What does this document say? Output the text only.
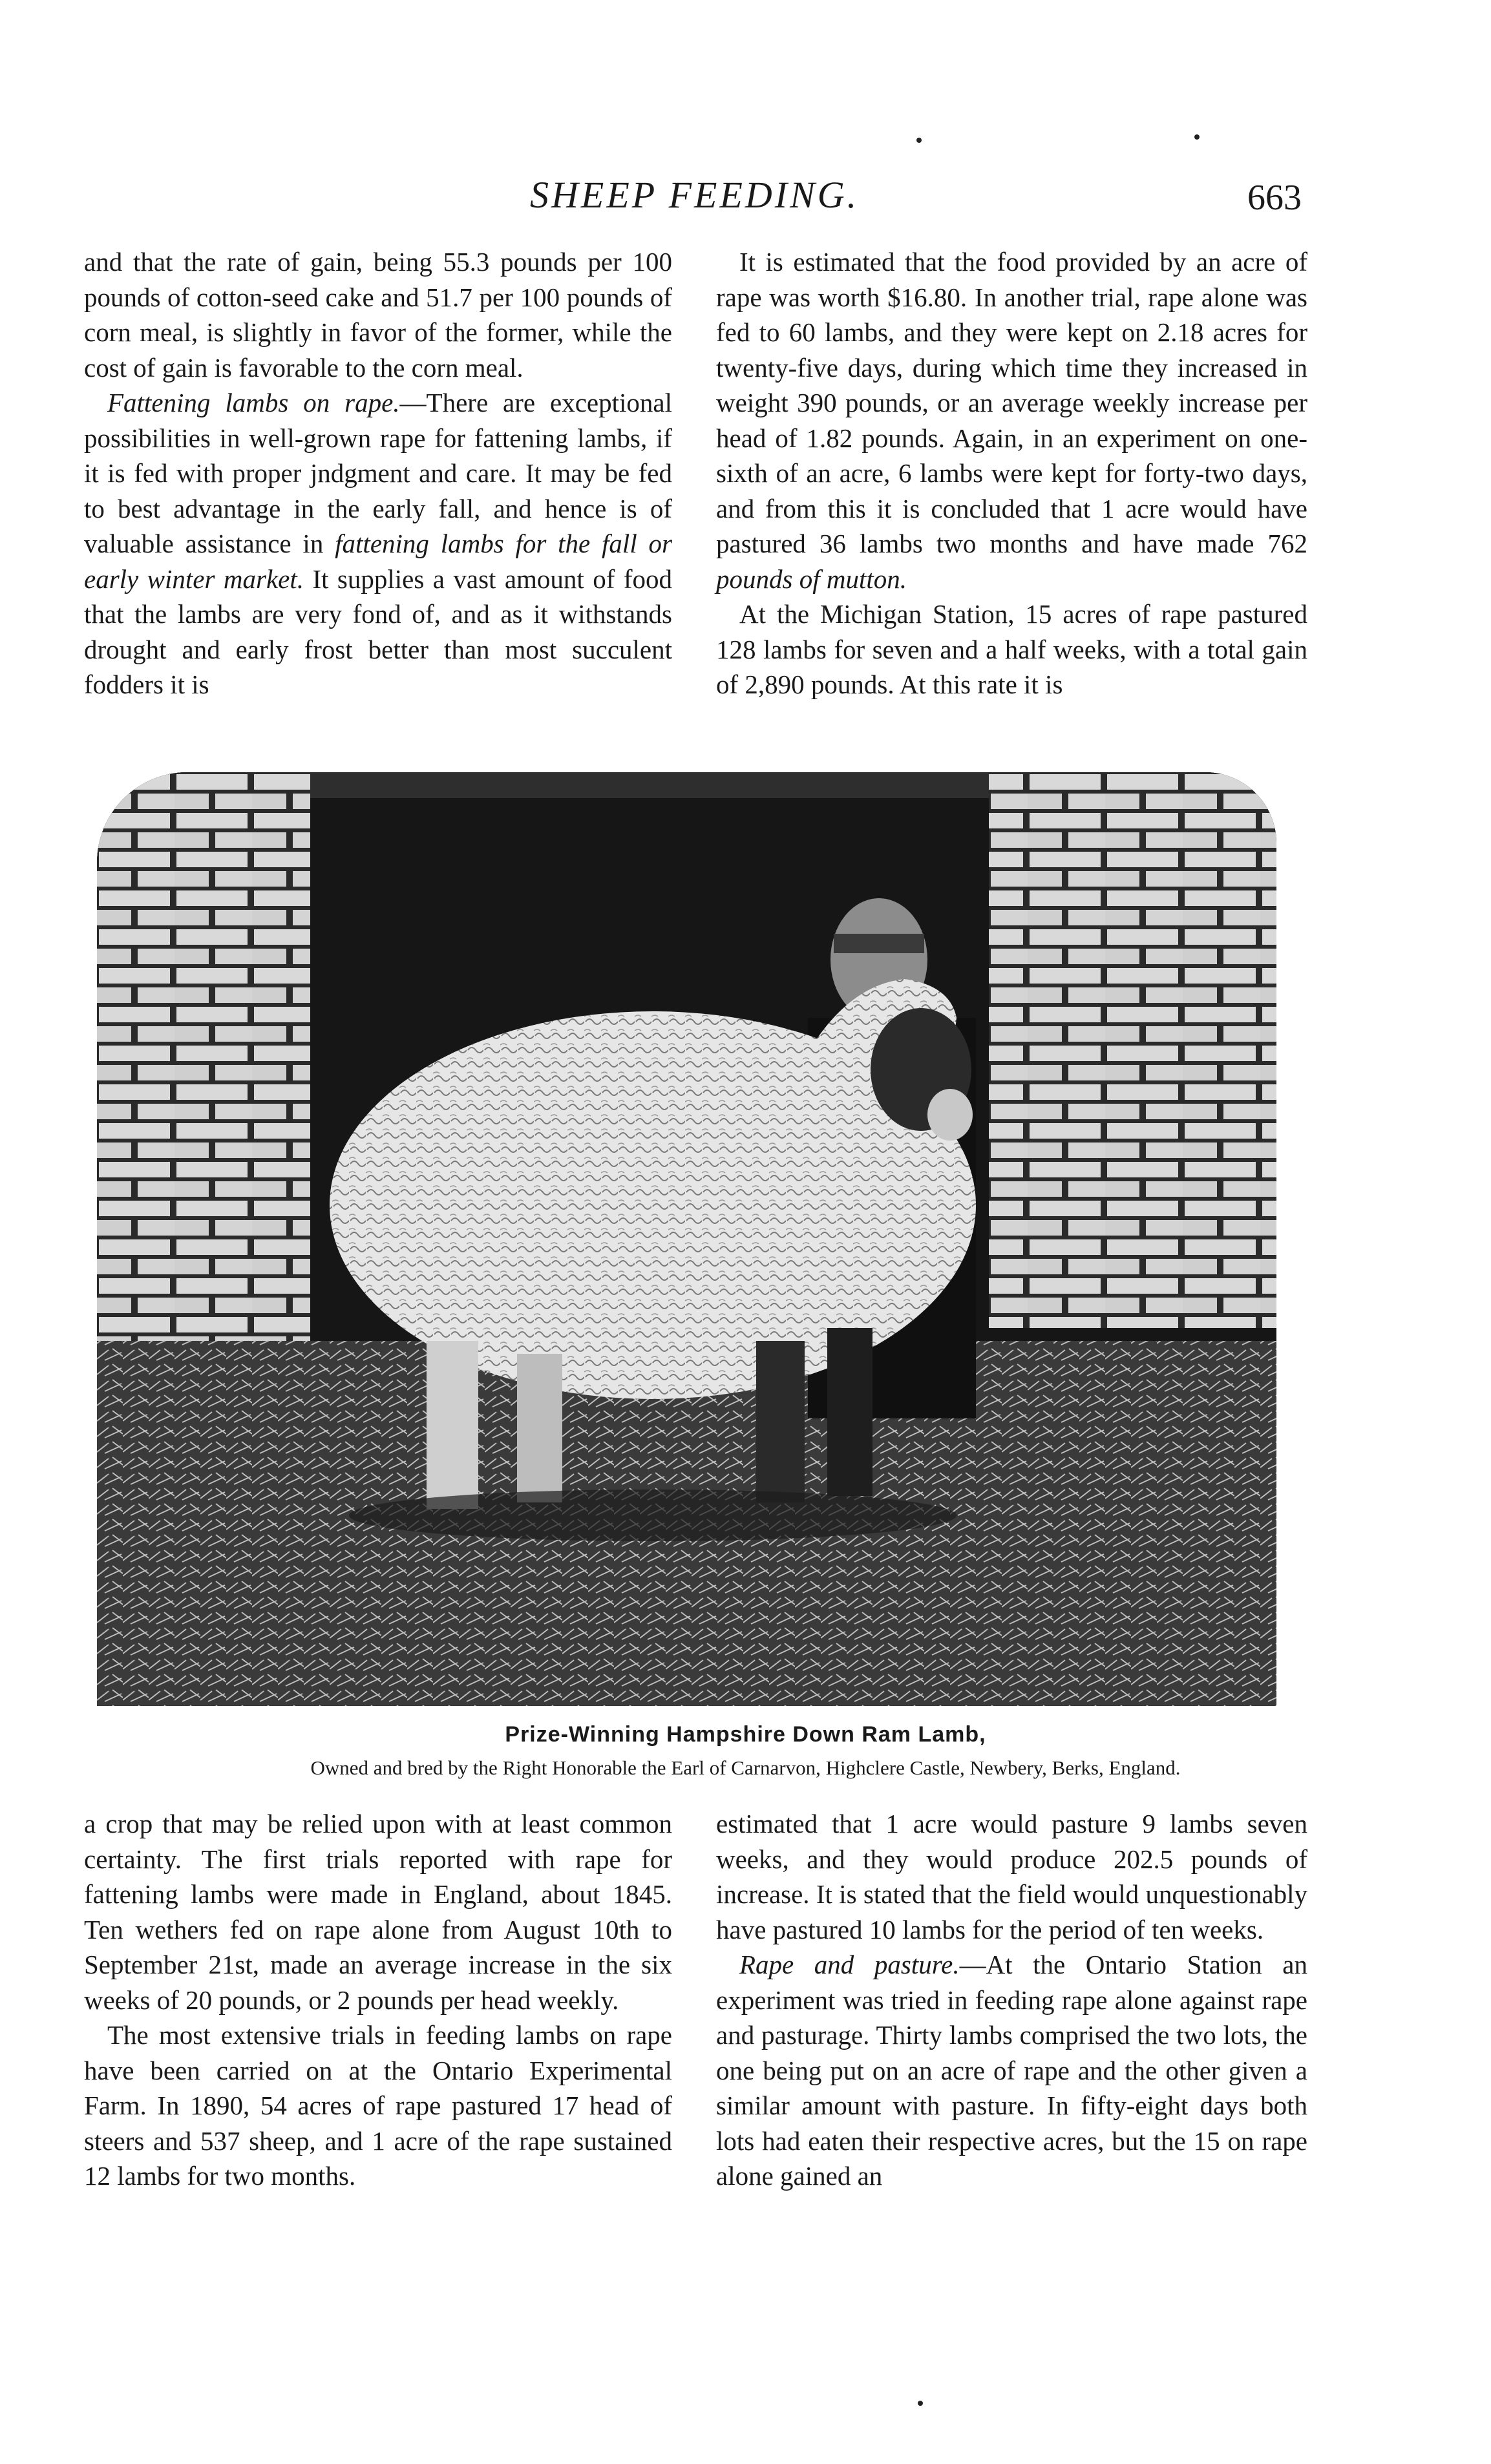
SHEEP FEEDING.	663

and that the rate of gain, being 55.3 pounds per 100 pounds of cotton-seed cake and 51.7 per 100 pounds of corn meal, is slightly in favor of the former, while the cost of gain is favorable to the corn meal.

Fattening lambs on rape.—There are exceptional possibilities in well-grown rape for fattening lambs, if it is fed with proper jndgment and care. It may be fed to best advantage in the early fall, and hence is of valuable assistance in fattening lambs for the fall or early winter market. It supplies a vast amount of food that the lambs are very fond of, and as it withstands drought and early frost better than most succulent fodders it is

It is estimated that the food provided by an acre of rape was worth $16.80. In another trial, rape alone was fed to 60 lambs, and they were kept on 2.18 acres for twenty-five days, during which time they increased in weight 390 pounds, or an average weekly increase per head of 1.82 pounds. Again, in an experiment on one-sixth of an acre, 6 lambs were kept for forty-two days, and from this it is concluded that 1 acre would have pastured 36 lambs two months and have made 762 pounds of mutton.

At the Michigan Station, 15 acres of rape pastured 128 lambs for seven and a half weeks, with a total gain of 2,890 pounds. At this rate it is

Prize-Winning Hampshire Down Ram Lamb,
Owned and bred by the Right Honorable the Earl of Carnarvon, Highclere Castle, Newbery, Berks, England.

a crop that may be relied upon with at least common certainty. The first trials reported with rape for fattening lambs were made in England, about 1845. Ten wethers fed on rape alone from August 10th to September 21st, made an average increase in the six weeks of 20 pounds, or 2 pounds per head weekly.

The most extensive trials in feeding lambs on rape have been carried on at the Ontario Experimental Farm. In 1890, 54 acres of rape pastured 17 head of steers and 537 sheep, and 1 acre of the rape sustained 12 lambs for two months.

estimated that 1 acre would pasture 9 lambs seven weeks, and they would produce 202.5 pounds of increase. It is stated that the field would unquestionably have pastured 10 lambs for the period of ten weeks.

Rape and pasture.—At the Ontario Station an experiment was tried in feeding rape alone against rape and pasturage. Thirty lambs comprised the two lots, the one being put on an acre of rape and the other given a similar amount with pasture. In fifty-eight days both lots had eaten their respective acres, but the 15 on rape alone gained an
